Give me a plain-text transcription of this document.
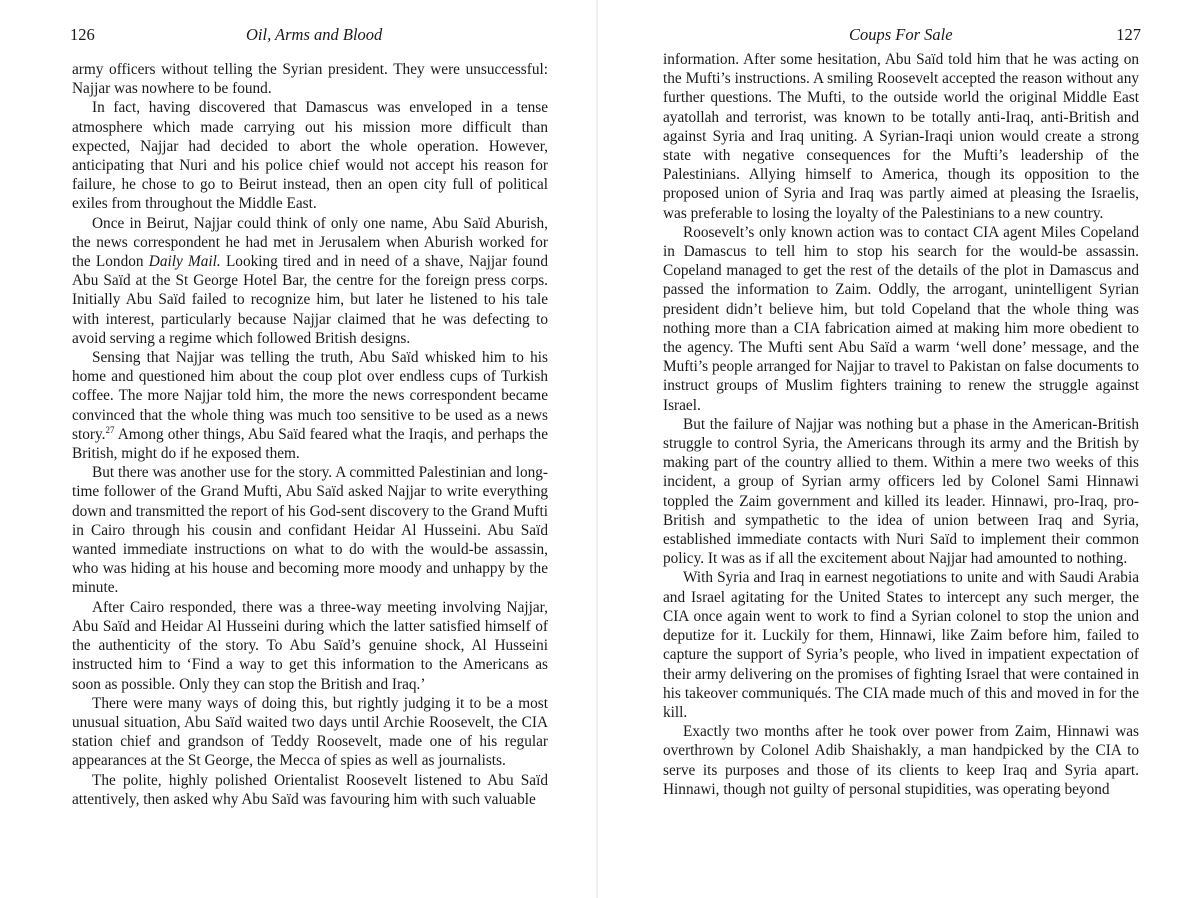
126	Oil, Arms and Blood

army officers without telling the Syrian president. They were unsuccessful: Najjar was nowhere to be found.

In fact, having discovered that Damascus was enveloped in a tense atmosphere which made carrying out his mission more difficult than expected, Najjar had decided to abort the whole operation. However, anticipating that Nuri and his police chief would not accept his reason for failure, he chose to go to Beirut instead, then an open city full of political exiles from throughout the Middle East.

Once in Beirut, Najjar could think of only one name, Abu Saïd Aburish, the news correspondent he had met in Jerusalem when Aburish worked for the London Daily Mail. Looking tired and in need of a shave, Najjar found Abu Saïd at the St George Hotel Bar, the centre for the foreign press corps. Initially Abu Saïd failed to recognize him, but later he listened to his tale with interest, particularly because Najjar claimed that he was defecting to avoid serving a regime which followed British designs.

Sensing that Najjar was telling the truth, Abu Saïd whisked him to his home and questioned him about the coup plot over endless cups of Turkish coffee. The more Najjar told him, the more the news correspondent became convinced that the whole thing was much too sensitive to be used as a news story.$^{27}$ Among other things, Abu Saïd feared what the Iraqis, and perhaps the British, might do if he exposed them.

But there was another use for the story. A committed Palestinian and long-time follower of the Grand Mufti, Abu Saïd asked Najjar to write everything down and transmitted the report of his God-sent discovery to the Grand Mufti in Cairo through his cousin and confidant Heidar Al Husseini. Abu Saïd wanted immediate instructions on what to do with the would-be assassin, who was hiding at his house and becoming more moody and unhappy by the minute.

After Cairo responded, there was a three-way meeting involving Najjar, Abu Saïd and Heidar Al Husseini during which the latter satisfied himself of the authenticity of the story. To Abu Saïd’s genuine shock, Al Husseini instructed him to ‘Find a way to get this information to the Americans as soon as possible. Only they can stop the British and Iraq.’

There were many ways of doing this, but rightly judging it to be a most unusual situation, Abu Saïd waited two days until Archie Roosevelt, the CIA station chief and grandson of Teddy Roosevelt, made one of his regular appearances at the St George, the Mecca of spies as well as journalists.

The polite, highly polished Orientalist Roosevelt listened to Abu Saïd attentively, then asked why Abu Saïd was favouring him with such valuable

Coups For Sale	127

information. After some hesitation, Abu Saïd told him that he was acting on the Mufti’s instructions. A smiling Roosevelt accepted the reason without any further questions. The Mufti, to the outside world the original Middle East ayatollah and terrorist, was known to be totally anti-Iraq, anti-British and against Syria and Iraq uniting. A Syrian-Iraqi union would create a strong state with negative consequences for the Mufti’s leadership of the Palestinians. Allying himself to America, though its opposition to the proposed union of Syria and Iraq was partly aimed at pleasing the Israelis, was preferable to losing the loyalty of the Palestinians to a new country.

Roosevelt’s only known action was to contact CIA agent Miles Copeland in Damascus to tell him to stop his search for the would-be assassin. Copeland managed to get the rest of the details of the plot in Damascus and passed the information to Zaim. Oddly, the arrogant, unintelligent Syrian president didn’t believe him, but told Copeland that the whole thing was nothing more than a CIA fabrication aimed at making him more obedient to the agency. The Mufti sent Abu Saïd a warm ‘well done’ message, and the Mufti’s people arranged for Najjar to travel to Pakistan on false documents to instruct groups of Muslim fighters training to renew the struggle against Israel.

But the failure of Najjar was nothing but a phase in the American-British struggle to control Syria, the Americans through its army and the British by making part of the country allied to them. Within a mere two weeks of this incident, a group of Syrian army officers led by Colonel Sami Hinnawi toppled the Zaim government and killed its leader. Hinnawi, pro-Iraq, pro-British and sympathetic to the idea of union between Iraq and Syria, established immediate contacts with Nuri Saïd to implement their common policy. It was as if all the excitement about Najjar had amounted to nothing.

With Syria and Iraq in earnest negotiations to unite and with Saudi Arabia and Israel agitating for the United States to intercept any such merger, the CIA once again went to work to find a Syrian colonel to stop the union and deputize for it. Luckily for them, Hinnawi, like Zaim before him, failed to capture the support of Syria’s people, who lived in impatient expectation of their army delivering on the promises of fighting Israel that were contained in his takeover communiqués. The CIA made much of this and moved in for the kill.

Exactly two months after he took over power from Zaim, Hinnawi was overthrown by Colonel Adib Shaishakly, a man handpicked by the CIA to serve its purposes and those of its clients to keep Iraq and Syria apart. Hinnawi, though not guilty of personal stupidities, was operating beyond
